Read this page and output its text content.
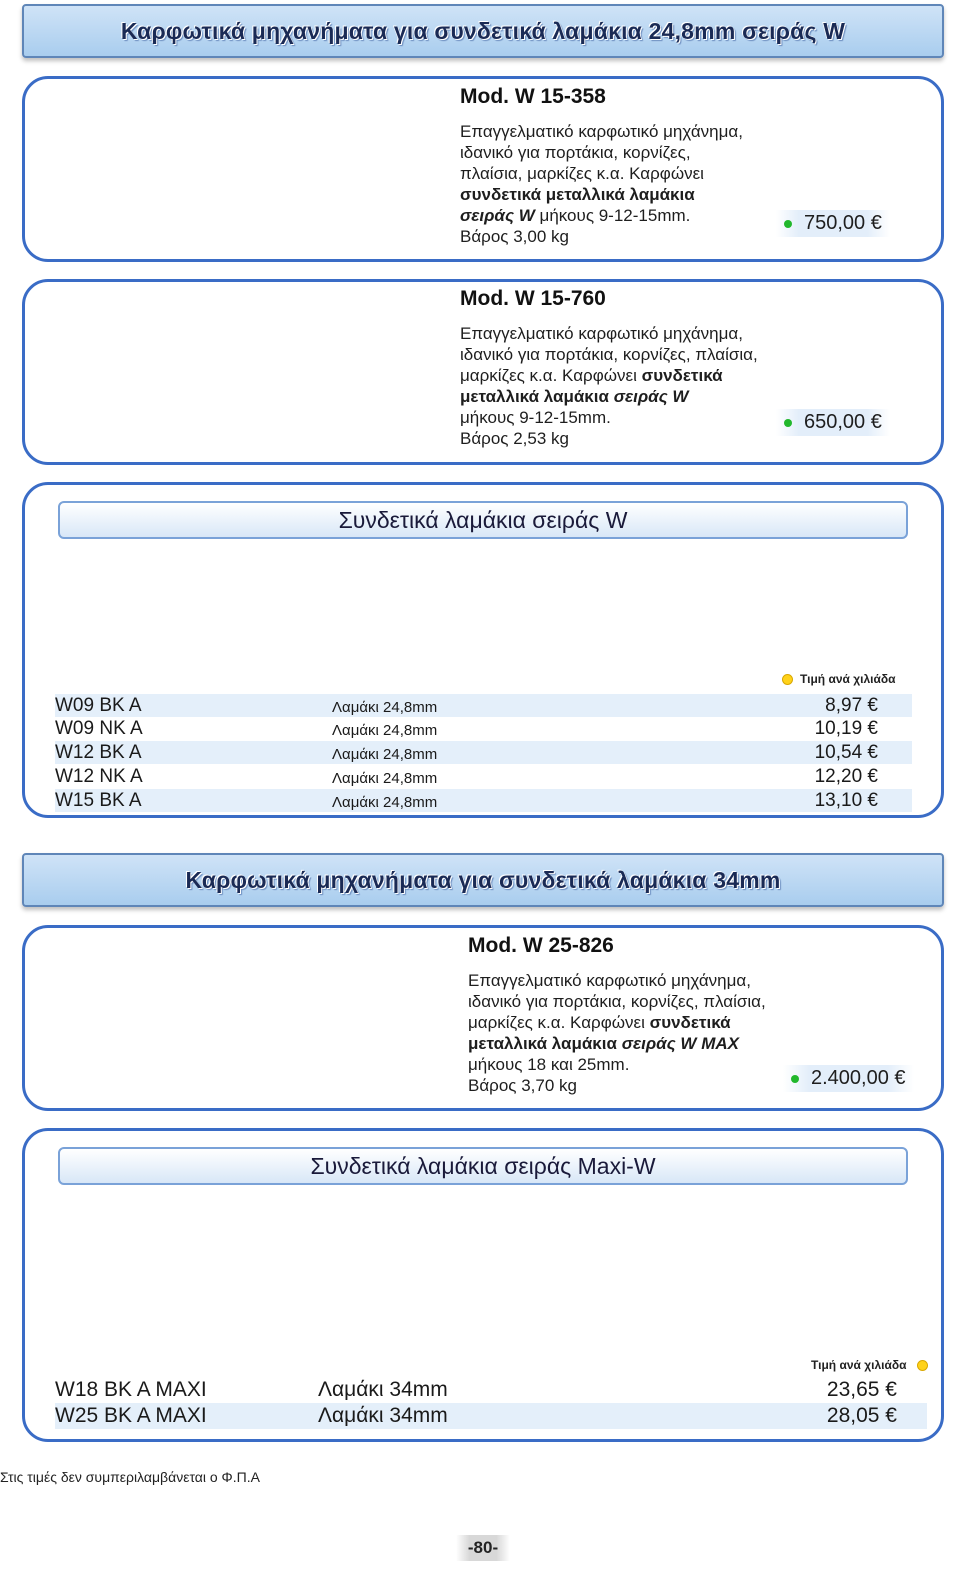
Καρφωτικά μηχανήματα για συνδετικά λαμάκια 24,8mm σειράς W
Mod. W 15-358
Επαγγελματικό καρφωτικό μηχάνημα,
ιδανικό για πορτάκια, κορνίζες,
πλαίσια, μαρκίζες κ.α. Καρφώνει
συνδετικά μεταλλικά λαμάκια
σειράς W μήκους 9-12-15mm.
Βάρος 3,00 kg
750,00 €
Mod. W 15-760
Επαγγελματικό καρφωτικό μηχάνημα,
ιδανικό για πορτάκια, κορνίζες, πλαίσια,
μαρκίζες κ.α. Καρφώνει συνδετικά
μεταλλικά λαμάκια σειράς W
μήκους 9-12-15mm.
Βάρος 2,53 kg
650,00 €
Συνδετικά λαμάκια σειράς W
Τιμή ανά χιλιάδα
W09 BK A	Λαμάκι 24,8mm	8,97 €
W09 NK A	Λαμάκι 24,8mm	10,19 €
W12 BK A	Λαμάκι 24,8mm	10,54 €
W12 NK A	Λαμάκι 24,8mm	12,20 €
W15 BK A	Λαμάκι 24,8mm	13,10 €
Καρφωτικά μηχανήματα για συνδετικά λαμάκια 34mm
Mod. W 25-826
Επαγγελματικό καρφωτικό μηχάνημα,
ιδανικό για πορτάκια, κορνίζες, πλαίσια,
μαρκίζες κ.α. Καρφώνει συνδετικά
μεταλλικά λαμάκια σειράς W MAX
μήκους 18 και 25mm.
Βάρος 3,70 kg	2.400,00 €
Συνδετικά λαμάκια σειράς Maxi-W
Τιμή ανά χιλιάδα
W18 BK A MAXI	Λαμάκι 34mm	23,65 €
W25 BK A MAXI	Λαμάκι 34mm	28,05 €
Στις τιμές δεν συμπεριλαμβάνεται ο Φ.Π.Α
-80-
